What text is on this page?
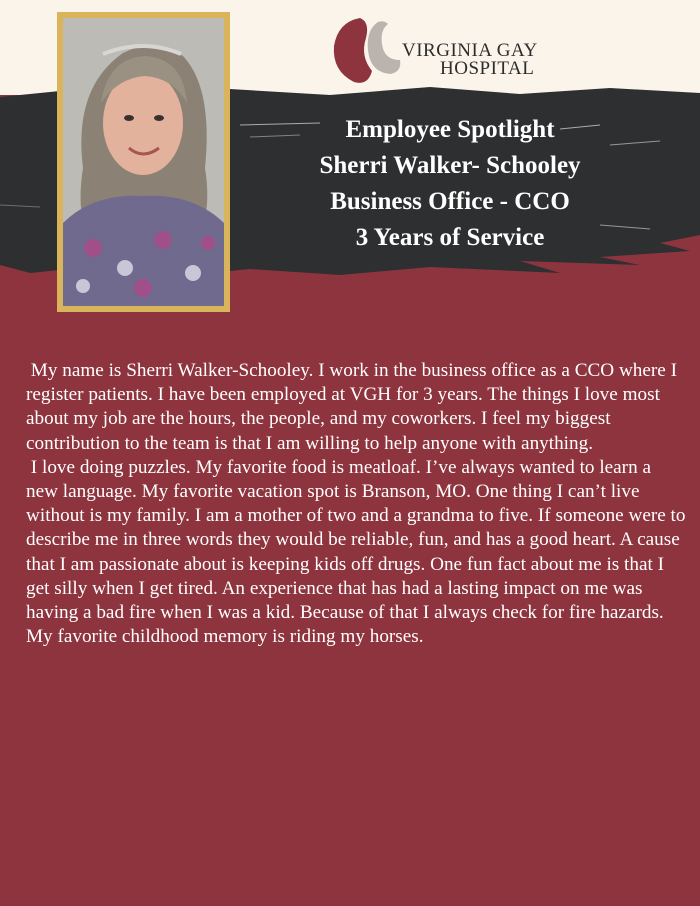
VIRGINIA GAY
HOSPITAL
Employee Spotlight
Sherri Walker- Schooley
Business Office - CCO
3 Years of Service

My name is Sherri Walker-Schooley. I work in the business office as a CCO where I register patients. I have been employed at VGH for 3 years. The things I love most about my job are the hours, the people, and my coworkers. I feel my biggest contribution to the team is that I am willing to help anyone with anything.

I love doing puzzles. My favorite food is meatloaf. I’ve always wanted to learn a new language. My favorite vacation spot is Branson, MO. One thing I can’t live without is my family. I am a mother of two and a grandma to five. If someone were to describe me in three words they would be reliable, fun, and has a good heart. A cause that I am passionate about is keeping kids off drugs. One fun fact about me is that I get silly when I get tired. An experience that has had a lasting impact on me was having a bad fire when I was a kid. Because of that I always check for fire hazards. My favorite childhood memory is riding my horses.
